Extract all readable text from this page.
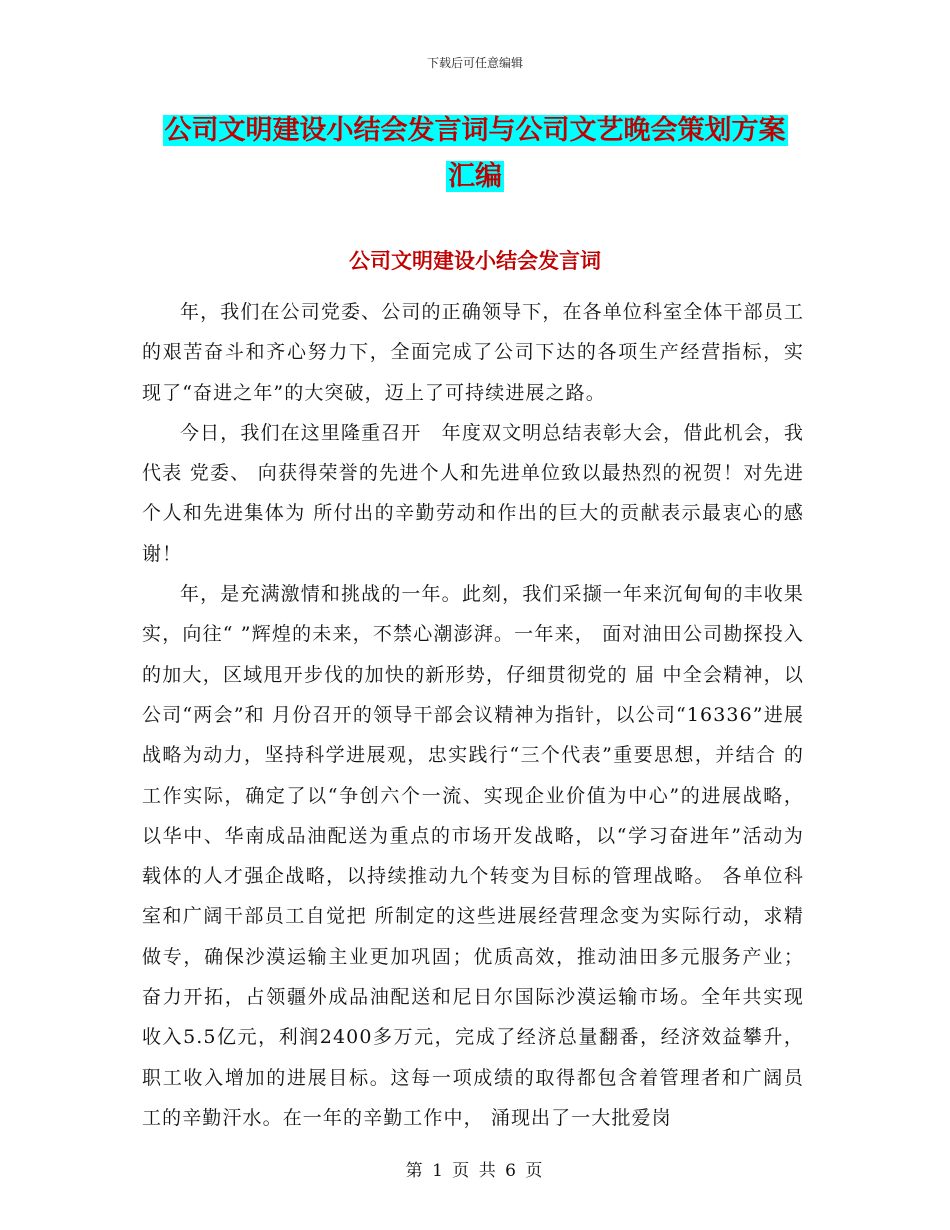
下载后可任意编辑
公司文明建设小结会发言词与公司文艺晚会策划方案
汇编
公司文明建设小结会发言词

年，我们在公司党委、公司的正确领导下，在各单位科室全体干部员工的艰苦奋斗和齐心努力下，全面完成了公司下达的各项生产经营指标，实现了“奋进之年”的大突破，迈上了可持续进展之路。

今日，我们在这里隆重召开　年度双文明总结表彰大会，借此机会，我代表 党委、 向获得荣誉的先进个人和先进单位致以最热烈的祝贺！对先进个人和先进集体为 所付出的辛勤劳动和作出的巨大的贡献表示最衷心的感谢！

年，是充满激情和挑战的一年。此刻，我们采撷一年来沉甸甸的丰收果实，向往“ ”辉煌的未来，不禁心潮澎湃。一年来， 面对油田公司勘探投入的加大，区域甩开步伐的加快的新形势，仔细贯彻党的 届 中全会精神，以公司“两会”和 月份召开的领导干部会议精神为指针，以公司“16336”进展战略为动力，坚持科学进展观，忠实践行“三个代表”重要思想，并结合 的工作实际，确定了以“争创六个一流、实现企业价值为中心”的进展战略，以华中、华南成品油配送为重点的市场开发战略，以“学习奋进年”活动为载体的人才强企战略，以持续推动九个转变为目标的管理战略。 各单位科室和广阔干部员工自觉把 所制定的这些进展经营理念变为实际行动，求精做专，确保沙漠运输主业更加巩固；优质高效，推动油田多元服务产业；奋力开拓，占领疆外成品油配送和尼日尔国际沙漠运输市场。全年共实现收入5.5亿元，利润2400多万元，完成了经济总量翻番，经济效益攀升，职工收入增加的进展目标。这每一项成绩的取得都包含着管理者和广阔员工的辛勤汗水。在一年的辛勤工作中， 涌现出了一大批爱岗

第 1 页 共 6 页
